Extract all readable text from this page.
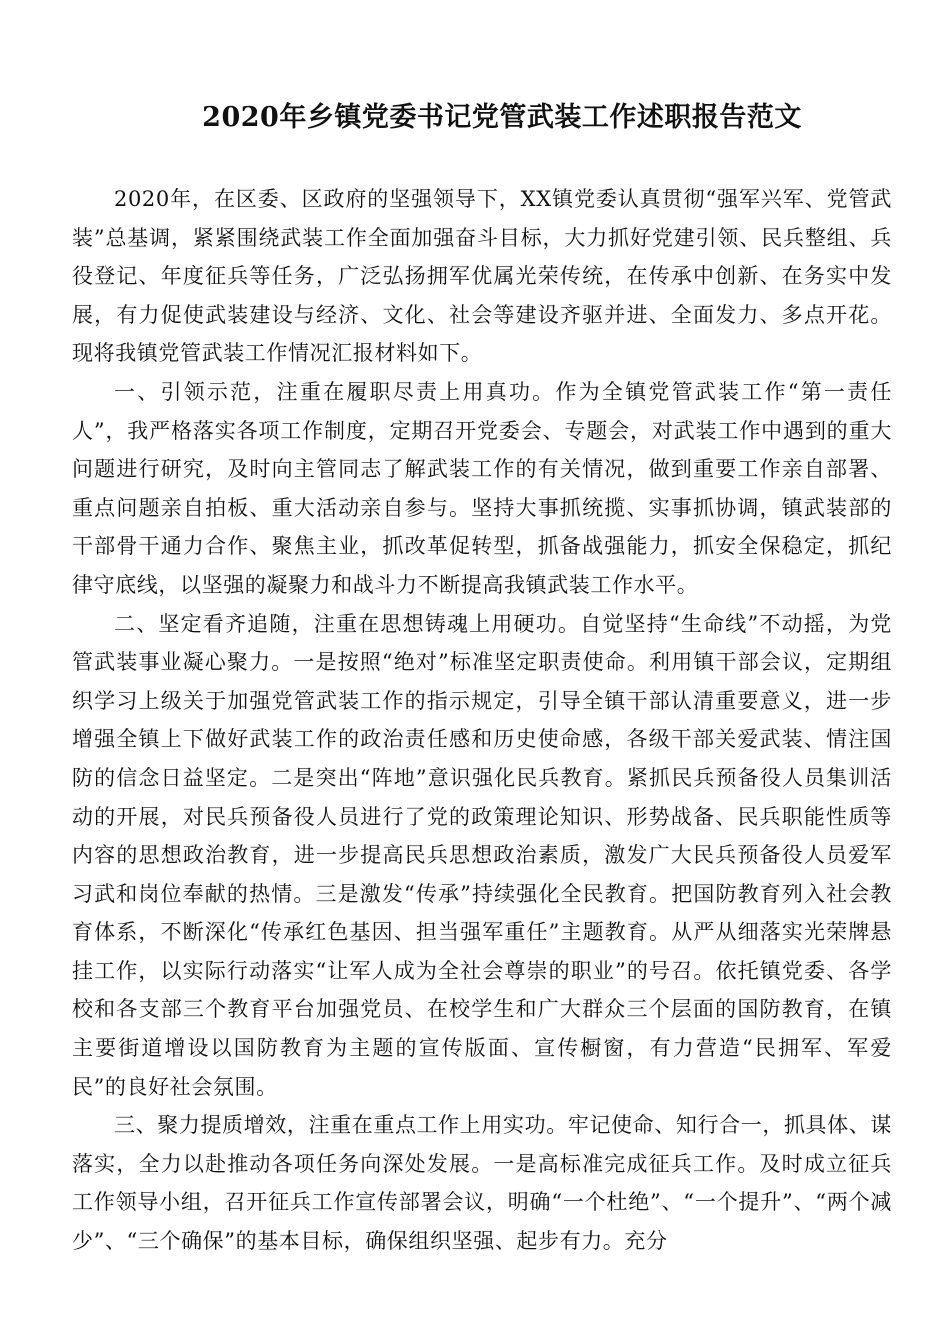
2020年乡镇党委书记党管武装工作述职报告范文

2020年，在区委、区政府的坚强领导下，XX镇党委认真贯彻“强军兴军、党管武装”总基调，紧紧围绕武装工作全面加强奋斗目标，大力抓好党建引领、民兵整组、兵役登记、年度征兵等任务，广泛弘扬拥军优属光荣传统，在传承中创新、在务实中发展，有力促使武装建设与经济、文化、社会等建设齐驱并进、全面发力、多点开花。现将我镇党管武装工作情况汇报材料如下。

一、引领示范，注重在履职尽责上用真功。作为全镇党管武装工作“第一责任人”，我严格落实各项工作制度，定期召开党委会、专题会，对武装工作中遇到的重大问题进行研究，及时向主管同志了解武装工作的有关情况，做到重要工作亲自部署、重点问题亲自拍板、重大活动亲自参与。坚持大事抓统揽、实事抓协调，镇武装部的干部骨干通力合作、聚焦主业，抓改革促转型，抓备战强能力，抓安全保稳定，抓纪律守底线，以坚强的凝聚力和战斗力不断提高我镇武装工作水平。

二、坚定看齐追随，注重在思想铸魂上用硬功。自觉坚持“生命线”不动摇，为党管武装事业凝心聚力。一是按照“绝对”标准坚定职责使命。利用镇干部会议，定期组织学习上级关于加强党管武装工作的指示规定，引导全镇干部认清重要意义，进一步增强全镇上下做好武装工作的政治责任感和历史使命感，各级干部关爱武装、情注国防的信念日益坚定。二是突出“阵地”意识强化民兵教育。紧抓民兵预备役人员集训活动的开展，对民兵预备役人员进行了党的政策理论知识、形势战备、民兵职能性质等内容的思想政治教育，进一步提高民兵思想政治素质，激发广大民兵预备役人员爱军习武和岗位奉献的热情。三是激发“传承”持续强化全民教育。把国防教育列入社会教育体系，不断深化“传承红色基因、担当强军重任”主题教育。从严从细落实光荣牌悬挂工作，以实际行动落实“让军人成为全社会尊崇的职业”的号召。依托镇党委、各学校和各支部三个教育平台加强党员、在校学生和广大群众三个层面的国防教育，在镇主要街道增设以国防教育为主题的宣传版面、宣传橱窗，有力营造“民拥军、军爱民”的良好社会氛围。

三、聚力提质增效，注重在重点工作上用实功。牢记使命、知行合一，抓具体、谋落实，全力以赴推动各项任务向深处发展。一是高标准完成征兵工作。及时成立征兵工作领导小组，召开征兵工作宣传部署会议，明确“一个杜绝”、“一个提升”、“两个减少”、“三个确保”的基本目标，确保组织坚强、起步有力。充分
